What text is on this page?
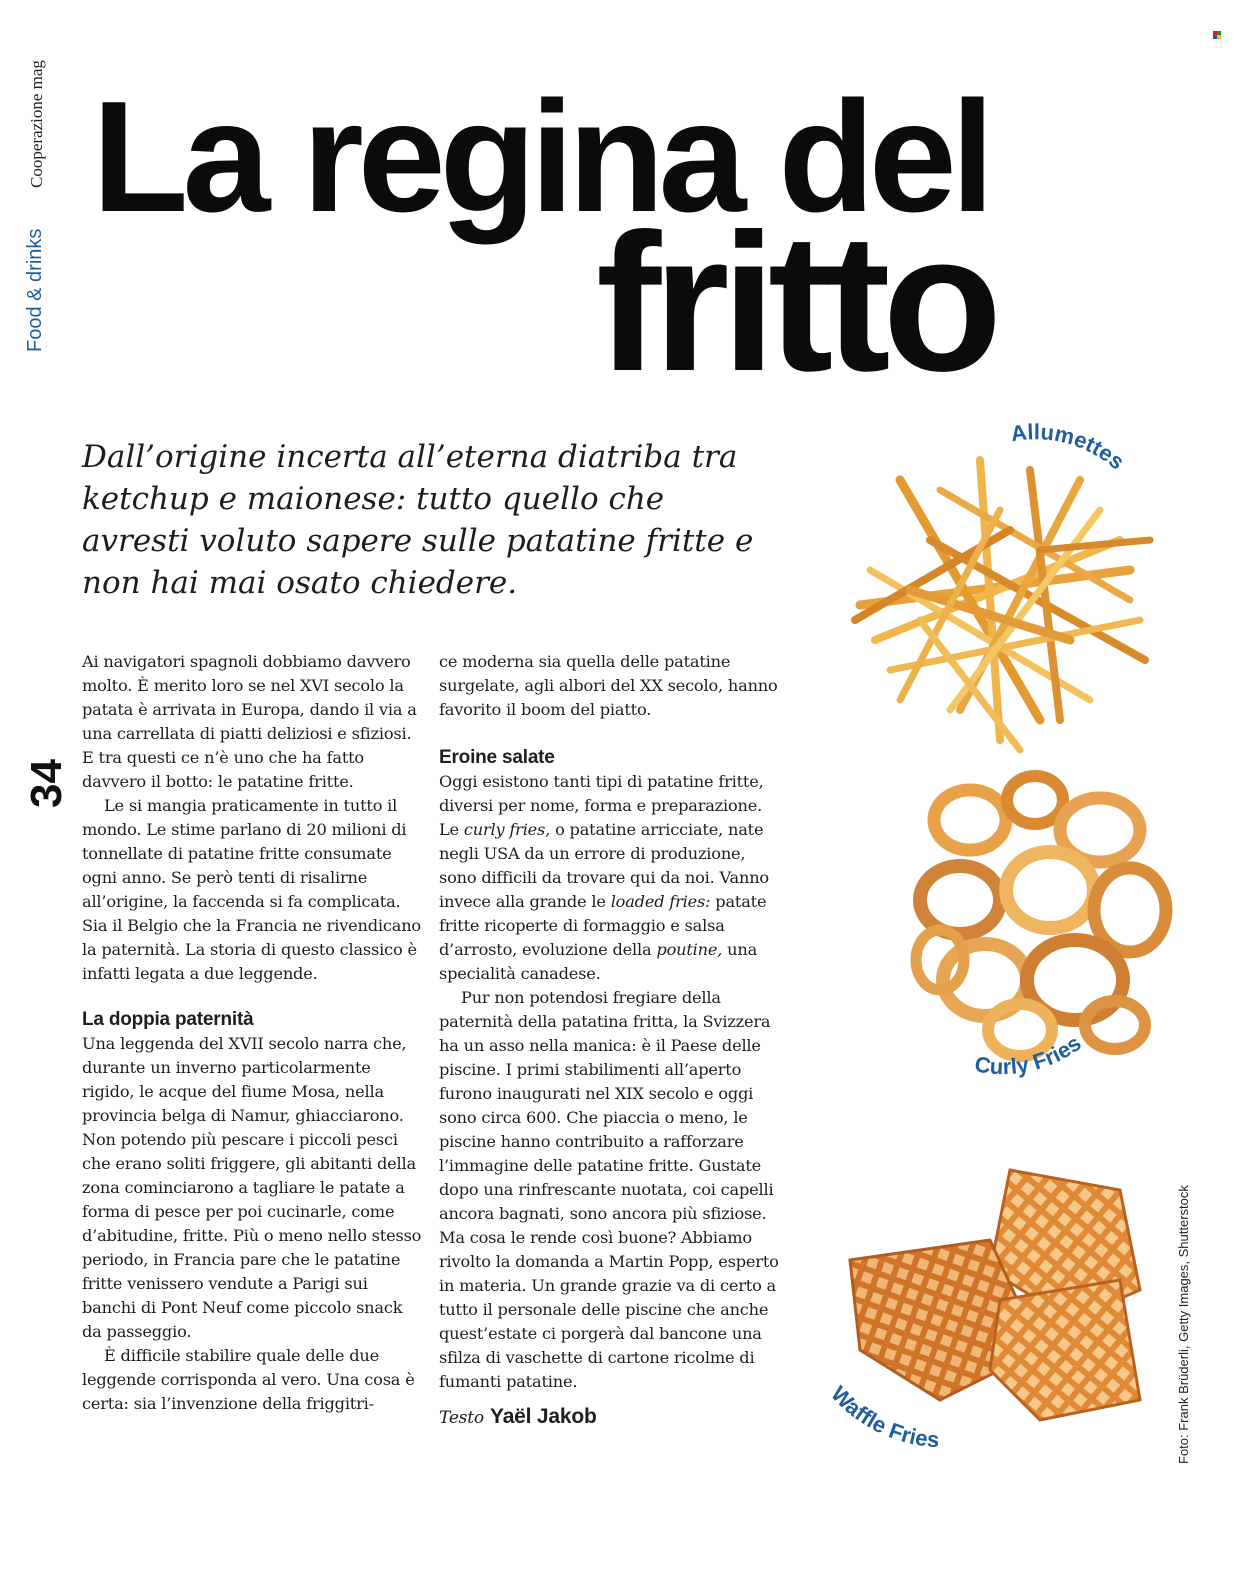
Cooperazione mag
Food & drinks
34
Foto: Frank Brüderli, Getty Images, Shutterstock
La regina del
fritto

Dall’origine incerta all’eterna diatriba tra ketchup e maionese: tutto quello che avresti voluto sapere sulle patatine fritte e non hai mai osato chiedere.

Ai navigatori spagnoli dobbiamo davvero molto. È merito loro se nel XVI secolo la patata è arrivata in Europa, dando il via a una carrellata di piatti deliziosi e sfiziosi. E tra questi ce n’è uno che ha fatto davvero il botto: le patatine fritte.

Le si mangia praticamente in tutto il mondo. Le stime parlano di 20 milioni di tonnellate di patatine fritte consumate ogni anno. Se però tenti di risalirne all’origine, la faccenda si fa complicata. Sia il Belgio che la Francia ne rivendicano la paternità. La storia di questo classico è infatti legata a due leggende.

La doppia paternità

Una leggenda del XVII secolo narra che, durante un inverno particolarmente rigido, le acque del fiume Mosa, nella provincia belga di Namur, ghiacciarono. Non potendo più pescare i piccoli pesci che erano soliti friggere, gli abitanti della zona cominciarono a tagliare le patate a forma di pesce per poi cucinarle, come d’abitudine, fritte. Più o meno nello stesso periodo, in Francia pare che le patatine fritte venissero vendute a Parigi sui banchi di Pont Neuf come piccolo snack da passeggio.

È difficile stabilire quale delle due leggende corrisponda al vero. Una cosa è certa: sia l’invenzione della friggitri-

ce moderna sia quella delle patatine surgelate, agli albori del XX secolo, hanno favorito il boom del piatto.

Eroine salate

Oggi esistono tanti tipi di patatine fritte, diversi per nome, forma e preparazione. Le curly fries, o patatine arricciate, nate negli USA da un errore di produzione, sono difficili da trovare qui da noi. Vanno invece alla grande le loaded fries: patate fritte ricoperte di formaggio e salsa d’arrosto, evoluzione della poutine, una specialità canadese.

Pur non potendosi fregiare della paternità della patatina fritta, la Svizzera ha un asso nella manica: è il Paese delle piscine. I primi stabilimenti all’aperto furono inaugurati nel XIX secolo e oggi sono circa 600. Che piaccia o meno, le piscine hanno contribuito a rafforzare l’immagine delle patatine fritte. Gustate dopo una rinfrescante nuotata, coi capelli ancora bagnati, sono ancora più sfiziose. Ma cosa le rende così buone? Abbiamo rivolto la domanda a Martin Popp, esperto in materia. Un grande grazie va di certo a tutto il personale delle piscine che anche quest’estate ci porgerà dal bancone una sfilza di vaschette di cartone ricolme di fumanti patatine.

Testo Yaël Jakob
Allumettes
Curly Fries
Waffle Fries
